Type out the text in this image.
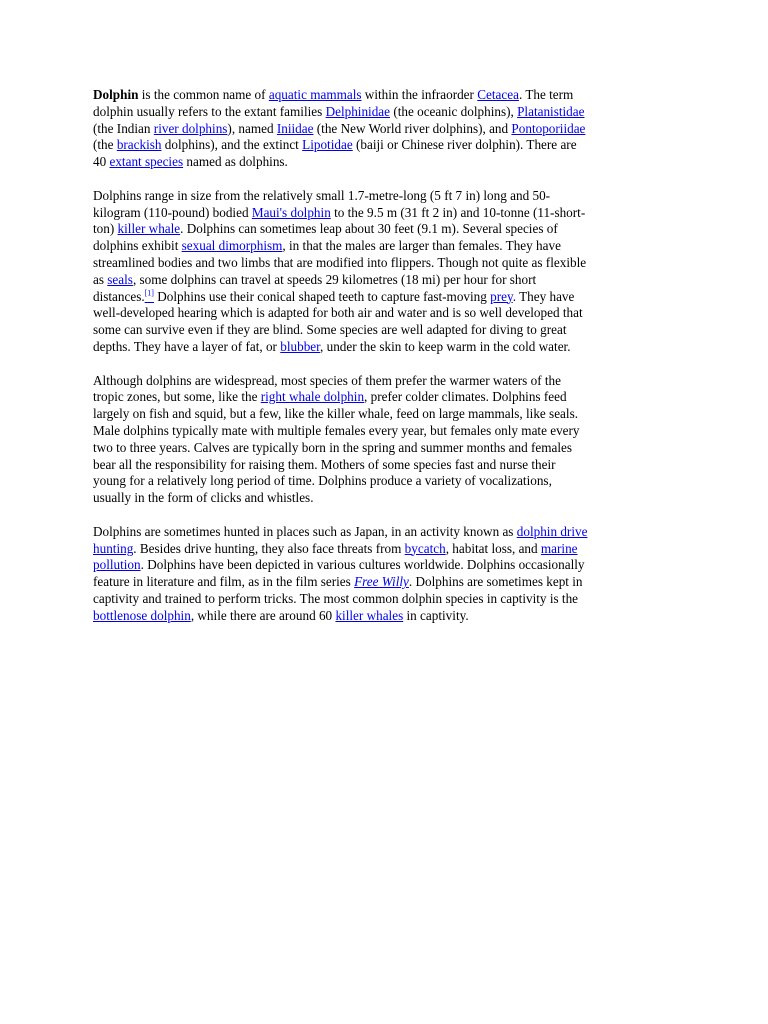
Dolphin is the common name of aquatic mammals within the infraorder Cetacea. The term
dolphin usually refers to the extant families Delphinidae (the oceanic dolphins), Platanistidae
(the Indian river dolphins), named Iniidae (the New World river dolphins), and Pontoporiidae
(the brackish dolphins), and the extinct Lipotidae (baiji or Chinese river dolphin). There are
40 extant species named as dolphins.

Dolphins range in size from the relatively small 1.7-metre-long (5 ft 7 in) long and 50-
kilogram (110-pound) bodied Maui's dolphin to the 9.5 m (31 ft 2 in) and 10-tonne (11-short-
ton) killer whale. Dolphins can sometimes leap about 30 feet (9.1 m). Several species of
dolphins exhibit sexual dimorphism, in that the males are larger than females. They have
streamlined bodies and two limbs that are modified into flippers. Though not quite as flexible
as seals, some dolphins can travel at speeds 29 kilometres (18 mi) per hour for short
distances.[1] Dolphins use their conical shaped teeth to capture fast-moving prey. They have
well-developed hearing which is adapted for both air and water and is so well developed that
some can survive even if they are blind. Some species are well adapted for diving to great
depths. They have a layer of fat, or blubber, under the skin to keep warm in the cold water.

Although dolphins are widespread, most species of them prefer the warmer waters of the
tropic zones, but some, like the right whale dolphin, prefer colder climates. Dolphins feed
largely on fish and squid, but a few, like the killer whale, feed on large mammals, like seals.
Male dolphins typically mate with multiple females every year, but females only mate every
two to three years. Calves are typically born in the spring and summer months and females
bear all the responsibility for raising them. Mothers of some species fast and nurse their
young for a relatively long period of time. Dolphins produce a variety of vocalizations,
usually in the form of clicks and whistles.

Dolphins are sometimes hunted in places such as Japan, in an activity known as dolphin drive
hunting. Besides drive hunting, they also face threats from bycatch, habitat loss, and marine
pollution. Dolphins have been depicted in various cultures worldwide. Dolphins occasionally
feature in literature and film, as in the film series Free Willy. Dolphins are sometimes kept in
captivity and trained to perform tricks. The most common dolphin species in captivity is the
bottlenose dolphin, while there are around 60 killer whales in captivity.
